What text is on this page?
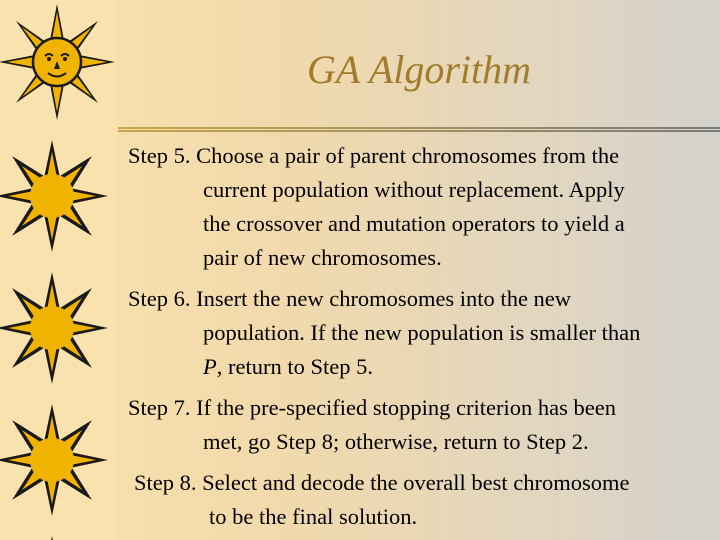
GA Algorithm
Step 5. Choose a pair of parent chromosomes from the
current population without replacement. Apply
the crossover and mutation operators to yield a
pair of new chromosomes.
Step 6. Insert the new chromosomes into the new
population. If the new population is smaller than
P, return to Step 5.
Step 7. If the pre-specified stopping criterion has been
met, go Step 8; otherwise, return to Step 2.
Step 8. Select and decode the overall best chromosome
to be the final solution.
